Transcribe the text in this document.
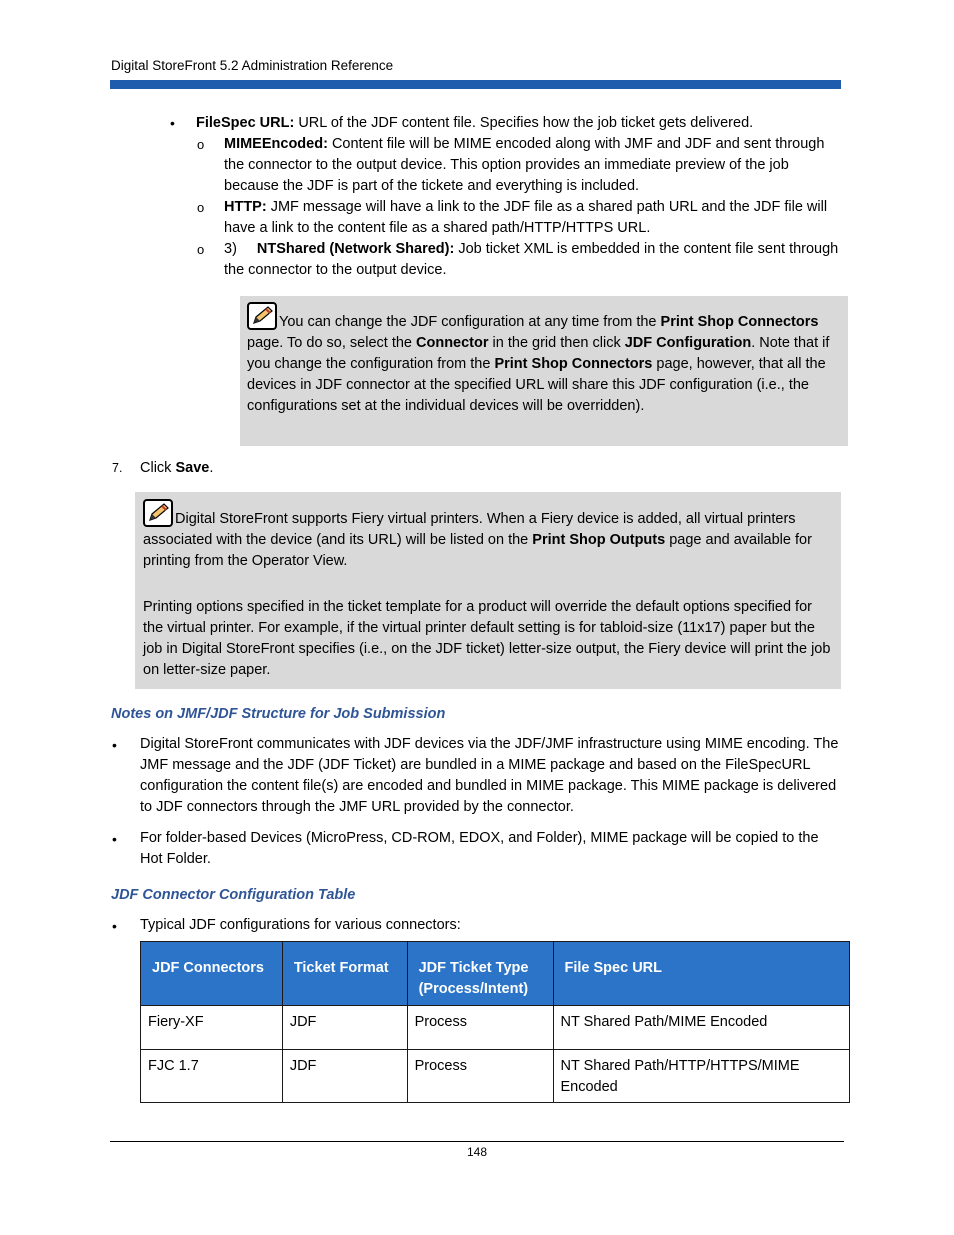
Digital StoreFront 5.2 Administration Reference
• FileSpec URL: URL of the JDF content file. Specifies how the job ticket gets delivered.
o MIMEEncoded: Content file will be MIME encoded along with JMF and JDF and sent through the connector to the output device. This option provides an immediate preview of the job because the JDF is part of the tickete and everything is included.
o HTTP: JMF message will have a link to the JDF file as a shared path URL and the JDF file will have a link to the content file as a shared path/HTTP/HTTPS URL.
o 3) NTShared (Network Shared): Job ticket XML is embedded in the content file sent through the connector to the output device.
You can change the JDF configuration at any time from the Print Shop Connectors page. To do so, select the Connector in the grid then click JDF Configuration. Note that if you change the configuration from the Print Shop Connectors page, however, that all the devices in JDF connector at the specified URL will share this JDF configuration (i.e., the configurations set at the individual devices will be overridden).
7. Click Save.
Digital StoreFront supports Fiery virtual printers. When a Fiery device is added, all virtual printers associated with the device (and its URL) will be listed on the Print Shop Outputs page and available for printing from the Operator View.
Printing options specified in the ticket template for a product will override the default options specified for the virtual printer. For example, if the virtual printer default setting is for tabloid-size (11x17) paper but the job in Digital StoreFront specifies (i.e., on the JDF ticket) letter-size output, the Fiery device will print the job on letter-size paper.
Notes on JMF/JDF Structure for Job Submission
• Digital StoreFront communicates with JDF devices via the JDF/JMF infrastructure using MIME encoding. The JMF message and the JDF (JDF Ticket) are bundled in a MIME package and based on the FileSpecURL configuration the content file(s) are encoded and bundled in MIME package. This MIME package is delivered to JDF connectors through the JMF URL provided by the connector.
• For folder-based Devices (MicroPress, CD-ROM, EDOX, and Folder), MIME package will be copied to the Hot Folder.
JDF Connector Configuration Table
• Typical JDF configurations for various connectors:
JDF Connectors	Ticket Format	JDF Ticket Type (Process/Intent)	File Spec URL
Fiery-XF	JDF	Process	NT Shared Path/MIME Encoded
FJC 1.7	JDF	Process	NT Shared Path/HTTP/HTTPS/MIME Encoded
148
